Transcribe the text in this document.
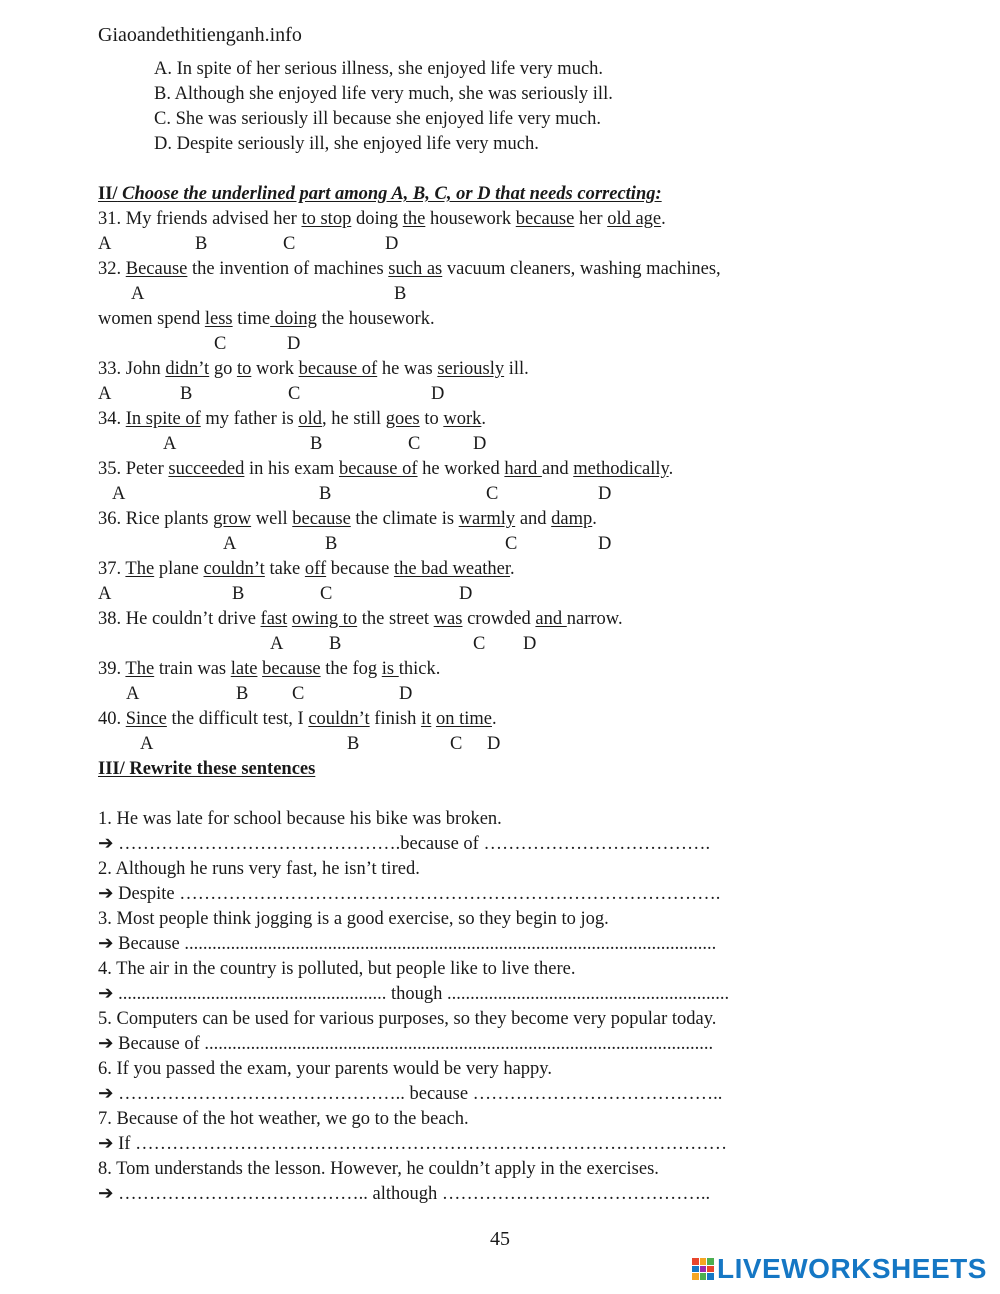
Giaoandethitienganh.info
A. In spite of her serious illness, she enjoyed life very much.
B. Although she enjoyed life very much, she was seriously ill.
C. She was seriously ill because she enjoyed life very much.
D. Despite seriously ill, she enjoyed life very much.
II/ Choose the underlined part among A, B, C, or D that needs correcting:
31. My friends advised her to stop doing the housework because her old age.
A	B	C	D
32. Because the invention of machines such as vacuum cleaners, washing machines,
A	B
women spend less time doing the housework.
C	D
33. John didn’t go to work because of he was seriously ill.
A	B	C	D
34. In spite of my father is old, he still goes to work.
A	B	C	D
35. Peter succeeded in his exam because of he worked hard and methodically.
A	B	C	D
36. Rice plants grow well because the climate is warmly and damp.
A	B	C	D
37. The plane couldn’t take off because the bad weather.
A	B	C	D
38. He couldn’t drive fast owing to the street was crowded and narrow.
A B	C D
39. The train was late because the fog is thick.
A	B C	D
40. Since the difficult test, I couldn’t finish it on time.
A	B	C D
III/ Rewrite these sentences
1. He was late for school because his bike was broken.
➔ ……………………………………….because of ……………………………….
2. Although he runs very fast, he isn’t tired.
➔ Despite …………………………………………………………………………….
3. Most people think jogging is a good exercise, so they begin to jog.
➔ Because ...................................................................................................................
4. The air in the country is polluted, but people like to live there.
➔ .......................................................... though .............................................................
5. Computers can be used for various purposes, so they become very popular today.
➔ Because of ..............................................................................................................
6. If you passed the exam, your parents would be very happy.
➔ ……………………………………….. because …………………………………..
7. Because of the hot weather, we go to the beach.
➔ If ……………………………………………………………………………………
8. Tom understands the lesson. However, he couldn’t apply in the exercises.
➔ ………………………………….. although ……………………………………..
45
LIVEWORKSHEETS
